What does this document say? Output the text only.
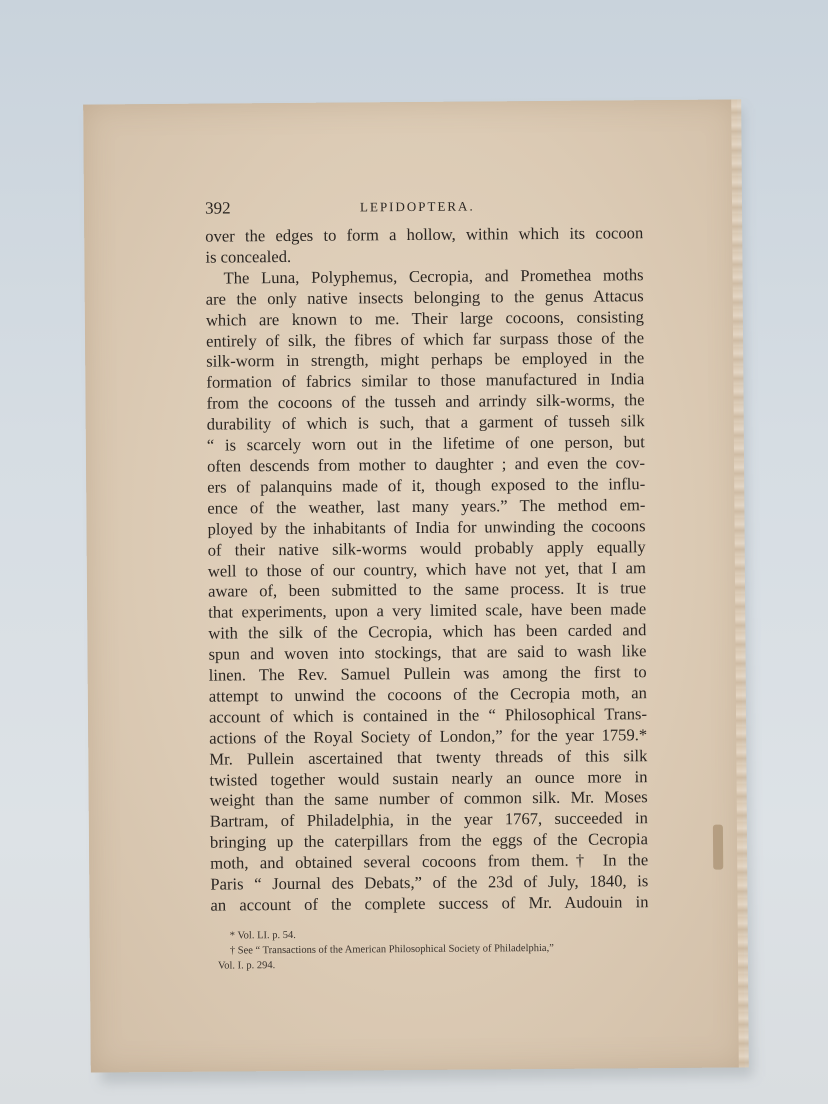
392	LEPIDOPTERA.
over the edges to form a hollow, within which its cocoon
is concealed.
The Luna, Polyphemus, Cecropia, and Promethea moths
are the only native insects belonging to the genus Attacus
which are known to me. Their large cocoons, consisting
entirely of silk, the fibres of which far surpass those of the
silk-worm in strength, might perhaps be employed in the
formation of fabrics similar to those manufactured in India
from the cocoons of the tusseh and arrindy silk-worms, the
durability of which is such, that a garment of tusseh silk
“ is scarcely worn out in the lifetime of one person, but
often descends from mother to daughter ; and even the cov-
ers of palanquins made of it, though exposed to the influ-
ence of the weather, last many years.” The method em-
ployed by the inhabitants of India for unwinding the cocoons
of their native silk-worms would probably apply equally
well to those of our country, which have not yet, that I am
aware of, been submitted to the same process. It is true
that experiments, upon a very limited scale, have been made
with the silk of the Cecropia, which has been carded and
spun and woven into stockings, that are said to wash like
linen. The Rev. Samuel Pullein was among the first to
attempt to unwind the cocoons of the Cecropia moth, an
account of which is contained in the “ Philosophical Trans-
actions of the Royal Society of London,” for the year 1759.*
Mr. Pullein ascertained that twenty threads of this silk
twisted together would sustain nearly an ounce more in
weight than the same number of common silk. Mr. Moses
Bartram, of Philadelphia, in the year 1767, succeeded in
bringing up the caterpillars from the eggs of the Cecropia
moth, and obtained several cocoons from them.† In the
Paris “ Journal des Debats,” of the 23d of July, 1840, is
an account of the complete success of Mr. Audouin in
* Vol. LI. p. 54.
† See “ Transactions of the American Philosophical Society of Philadelphia,”
Vol. I. p. 294.
